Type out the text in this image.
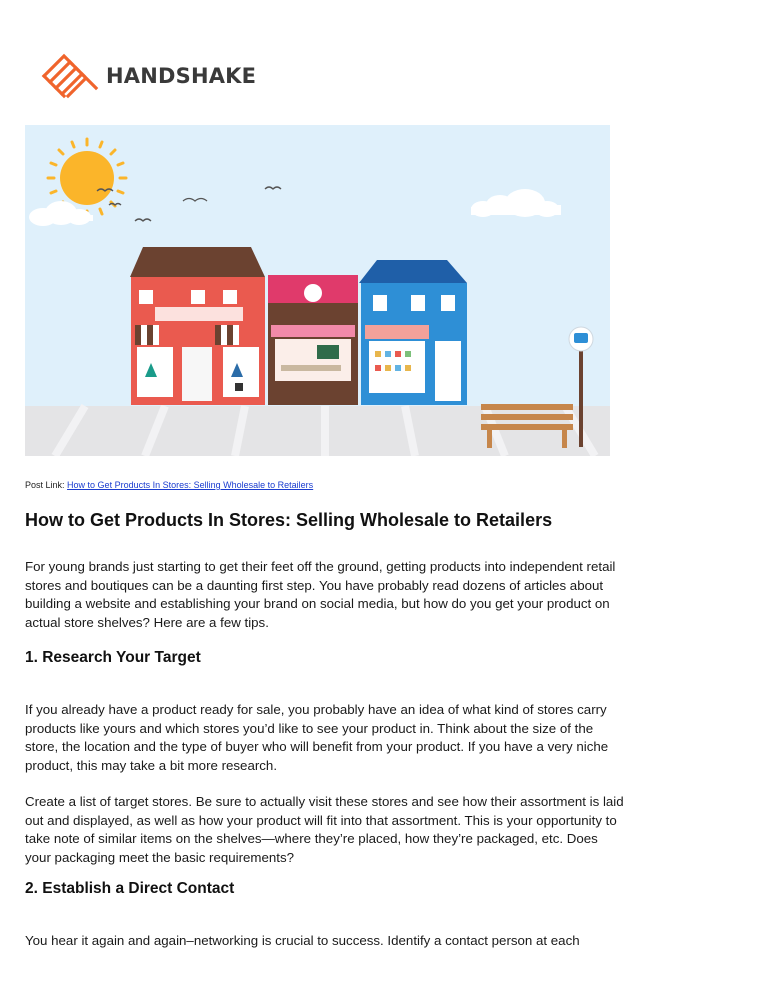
HANDSHAKE
Post Link: How to Get Products In Stores: Selling Wholesale to Retailers
How to Get Products In Stores: Selling Wholesale to Retailers

For young brands just starting to get their feet off the ground, getting products into independent retail stores and boutiques can be a daunting first step. You have probably read dozens of articles about building a website and establishing your brand on social media, but how do you get your product on actual store shelves? Here are a few tips.

1. Research Your Target

If you already have a product ready for sale, you probably have an idea of what kind of stores carry products like yours and which stores you’d like to see your product in. Think about the size of the store, the location and the type of buyer who will benefit from your product. If you have a very niche product, this may take a bit more research.

Create a list of target stores. Be sure to actually visit these stores and see how their assortment is laid out and displayed, as well as how your product will fit into that assortment. This is your opportunity to take note of similar items on the shelves—where they’re placed, how they’re packaged, etc. Does your packaging meet the basic requirements?

2. Establish a Direct Contact

You hear it again and again–networking is crucial to success. Identify a contact person at each
